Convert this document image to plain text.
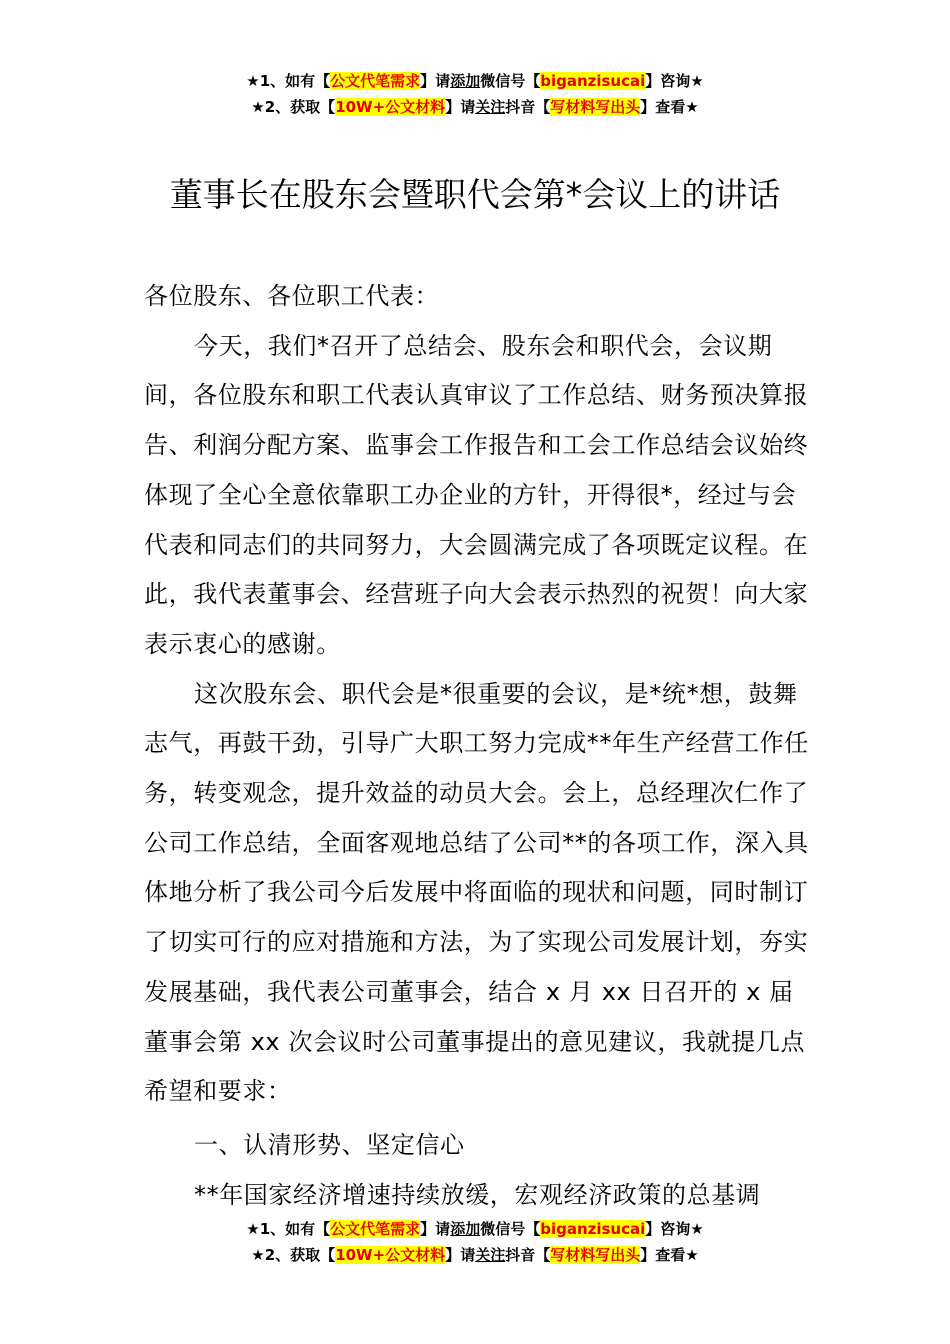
★1、如有【公文代笔需求】请添加微信号【biganzisucai】咨询★
★2、获取【10W+公文材料】请关注抖音【写材料写出头】查看★
董事长在股东会暨职代会第*会议上的讲话

各位股东、各位职工代表：

今天，我们*召开了总结会、股东会和职代会，会议期间，各位股东和职工代表认真审议了工作总结、财务预决算报告、利润分配方案、监事会工作报告和工会工作总结会议始终体现了全心全意依靠职工办企业的方针，开得很*，经过与会代表和同志们的共同努力，大会圆满完成了各项既定议程。在此，我代表董事会、经营班子向大会表示热烈的祝贺！向大家表示衷心的感谢。

这次股东会、职代会是*很重要的会议，是*统*想，鼓舞志气，再鼓干劲，引导广大职工努力完成**年生产经营工作任务，转变观念，提升效益的动员大会。会上，总经理次仁作了公司工作总结，全面客观地总结了公司**的各项工作，深入具体地分析了我公司今后发展中将面临的现状和问题，同时制订了切实可行的应对措施和方法，为了实现公司发展计划，夯实发展基础，我代表公司董事会，结合 x 月 xx 日召开的 x 届董事会第 xx 次会议时公司董事提出的意见建议，我就提几点希望和要求：

一、认清形势、坚定信心

**年国家经济增速持续放缓，宏观经济政策的总基调

★1、如有【公文代笔需求】请添加微信号【biganzisucai】咨询★
★2、获取【10W+公文材料】请关注抖音【写材料写出头】查看★
